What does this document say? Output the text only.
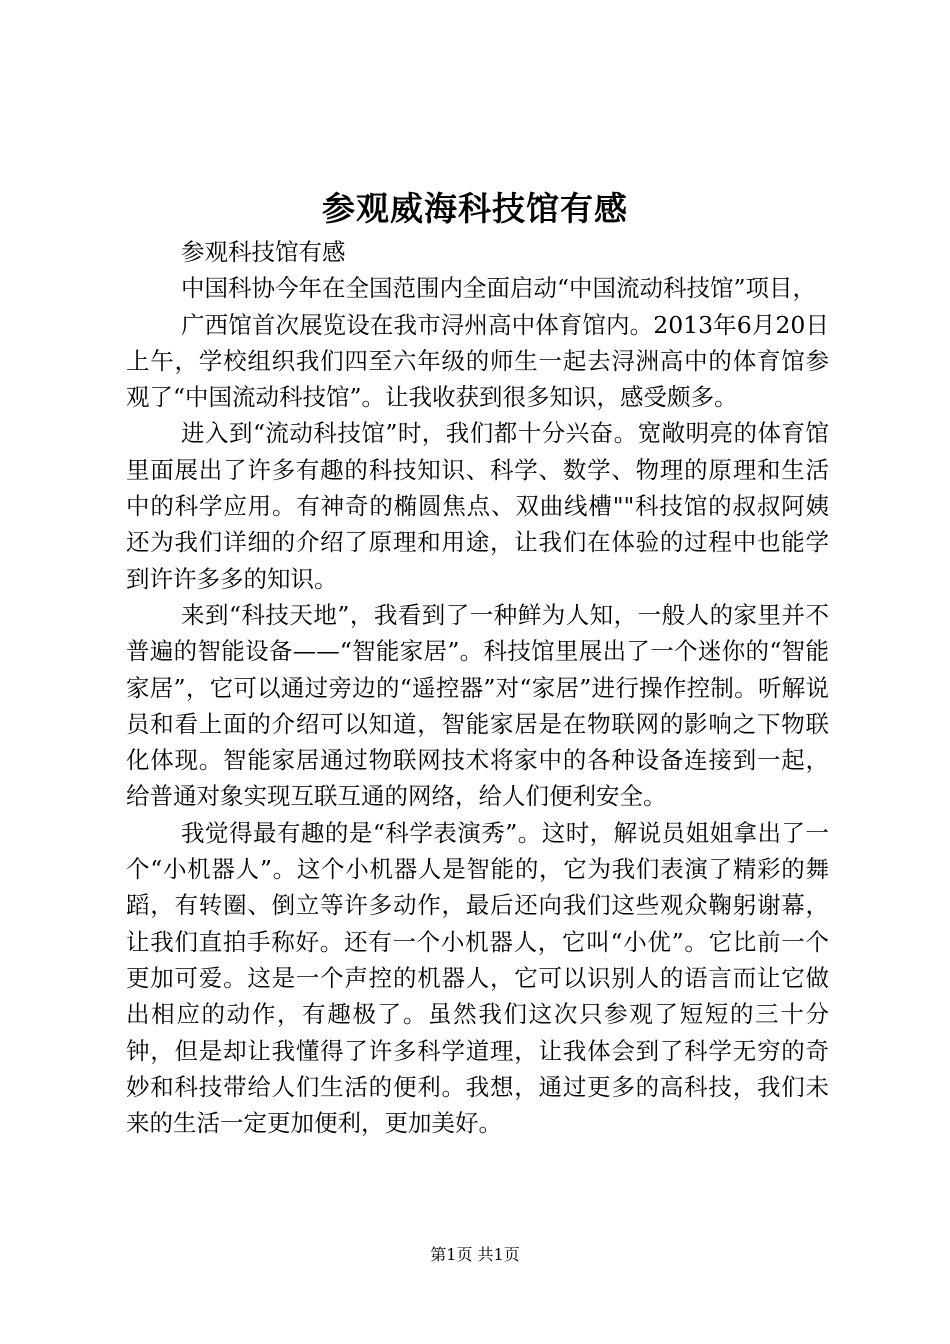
参观威海科技馆有感

参观科技馆有感

中国科协今年在全国范围内全面启动“中国流动科技馆”项目，

广西馆首次展览设在我市浔州高中体育馆内。2013年6月20日上午，学校组织我们四至六年级的师生一起去浔洲高中的体育馆参观了“中国流动科技馆”。让我收获到很多知识，感受颇多。

进入到“流动科技馆”时，我们都十分兴奋。宽敞明亮的体育馆里面展出了许多有趣的科技知识、科学、数学、物理的原理和生活中的科学应用。有神奇的椭圆焦点、双曲线槽""科技馆的叔叔阿姨还为我们详细的介绍了原理和用途，让我们在体验的过程中也能学到许许多多的知识。

来到“科技天地”，我看到了一种鲜为人知，一般人的家里并不普遍的智能设备——“智能家居”。科技馆里展出了一个迷你的“智能家居”，它可以通过旁边的“遥控器”对“家居”进行操作控制。听解说员和看上面的介绍可以知道，智能家居是在物联网的影响之下物联化体现。智能家居通过物联网技术将家中的各种设备连接到一起，给普通对象实现互联互通的网络，给人们便利安全。

我觉得最有趣的是“科学表演秀”。这时，解说员姐姐拿出了一个“小机器人”。这个小机器人是智能的，它为我们表演了精彩的舞蹈，有转圈、倒立等许多动作，最后还向我们这些观众鞠躬谢幕，让我们直拍手称好。还有一个小机器人，它叫“小优”。它比前一个更加可爱。这是一个声控的机器人，它可以识别人的语言而让它做出相应的动作，有趣极了。虽然我们这次只参观了短短的三十分钟，但是却让我懂得了许多科学道理，让我体会到了科学无穷的奇妙和科技带给人们生活的便利。我想，通过更多的高科技，我们未来的生活一定更加便利，更加美好。

第1页 共1页
